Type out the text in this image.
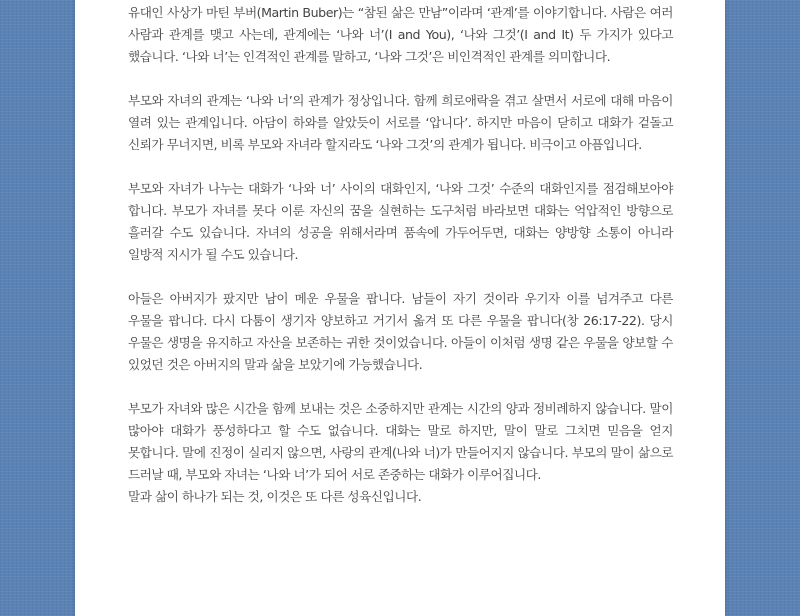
유대인 사상가 마틴 부버(Martin Buber)는 “참된 삶은 만남”이라며 ‘관계’를 이야기합니다. 사람은 여러 사람과 관계를 맺고 사는데, 관계에는 ‘나와 너’(I and You), ‘나와 그것’(I and It) 두 가지가 있다고 했습니다. ‘나와 너’는 인격적인 관계를 말하고, ‘나와 그것’은 비인격적인 관계를 의미합니다.

부모와 자녀의 관계는 ‘나와 너’의 관계가 정상입니다. 함께 희로애락을 겪고 살면서 서로에 대해 마음이 열려 있는 관계입니다. 아담이 하와를 알았듯이 서로를 ‘압니다’. 하지만 마음이 닫히고 대화가 겉돌고 신뢰가 무너지면, 비록 부모와 자녀라 할지라도 ‘나와 그것’의 관계가 됩니다. 비극이고 아픔입니다.

부모와 자녀가 나누는 대화가 ‘나와 너’ 사이의 대화인지, ‘나와 그것’ 수준의 대화인지를 점검해보아야 합니다. 부모가 자녀를 못다 이룬 자신의 꿈을 실현하는 도구처럼 바라보면 대화는 억압적인 방향으로 흘러갈 수도 있습니다. 자녀의 성공을 위해서라며 품속에 가두어두면, 대화는 양방향 소통이 아니라 일방적 지시가 될 수도 있습니다.

아들은 아버지가 팠지만 남이 메운 우물을 팝니다. 남들이 자기 것이라 우기자 이를 넘겨주고 다른 우물을 팝니다. 다시 다툼이 생기자 양보하고 거기서 옮겨 또 다른 우물을 팝니다(창 26:17-22). 당시 우물은 생명을 유지하고 자산을 보존하는 귀한 것이었습니다. 아들이 이처럼 생명 같은 우물을 양보할 수 있었던 것은 아버지의 말과 삶을 보았기에 가능했습니다.

부모가 자녀와 많은 시간을 함께 보내는 것은 소중하지만 관계는 시간의 양과 정비례하지 않습니다. 말이 많아야 대화가 풍성하다고 할 수도 없습니다. 대화는 말로 하지만, 말이 말로 그치면 믿음을 얻지 못합니다. 말에 진정이 실리지 않으면, 사랑의 관계(나와 너)가 만들어지지 않습니다. 부모의 말이 삶으로 드러날 때, 부모와 자녀는 ‘나와 너’가 되어 서로 존중하는 대화가 이루어집니다.

말과 삶이 하나가 되는 것, 이것은 또 다른 성육신입니다.
